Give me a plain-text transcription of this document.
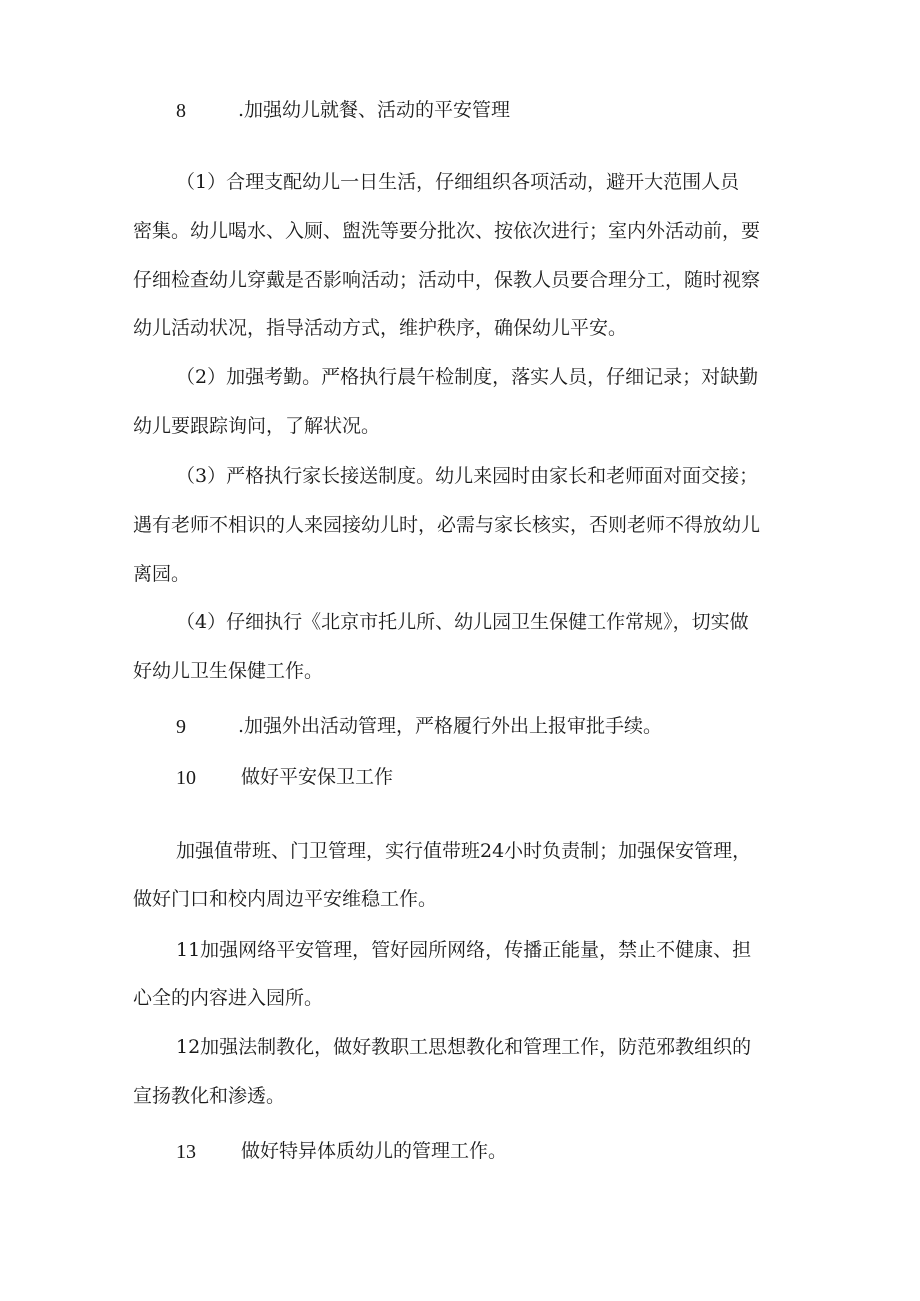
8	.加强幼儿就餐、活动的平安管理
（1）合理支配幼儿一日生活，仔细组织各项活动，避开大范围人员
密集。幼儿喝水、入厕、盥洗等要分批次、按依次进行；室内外活动前，要
仔细检查幼儿穿戴是否影响活动；活动中，保教人员要合理分工，随时视察
幼儿活动状况，指导活动方式，维护秩序，确保幼儿平安。
（2）加强考勤。严格执行晨午检制度，落实人员，仔细记录；对缺勤
幼儿要跟踪询问，了解状况。
（3）严格执行家长接送制度。幼儿来园时由家长和老师面对面交接；
遇有老师不相识的人来园接幼儿时，必需与家长核实，否则老师不得放幼儿
离园。
（4）仔细执行《北京市托儿所、幼儿园卫生保健工作常规》，切实做
好幼儿卫生保健工作。
9	.加强外出活动管理，严格履行外出上报审批手续。
10 做好平安保卫工作
加强值带班、门卫管理，实行值带班24小时负责制；加强保安管理，
做好门口和校内周边平安维稳工作。
11加强网络平安管理，管好园所网络，传播正能量，禁止不健康、担
心全的内容进入园所。
12加强法制教化，做好教职工思想教化和管理工作，防范邪教组织的
宣扬教化和渗透。
13 做好特异体质幼儿的管理工作。
